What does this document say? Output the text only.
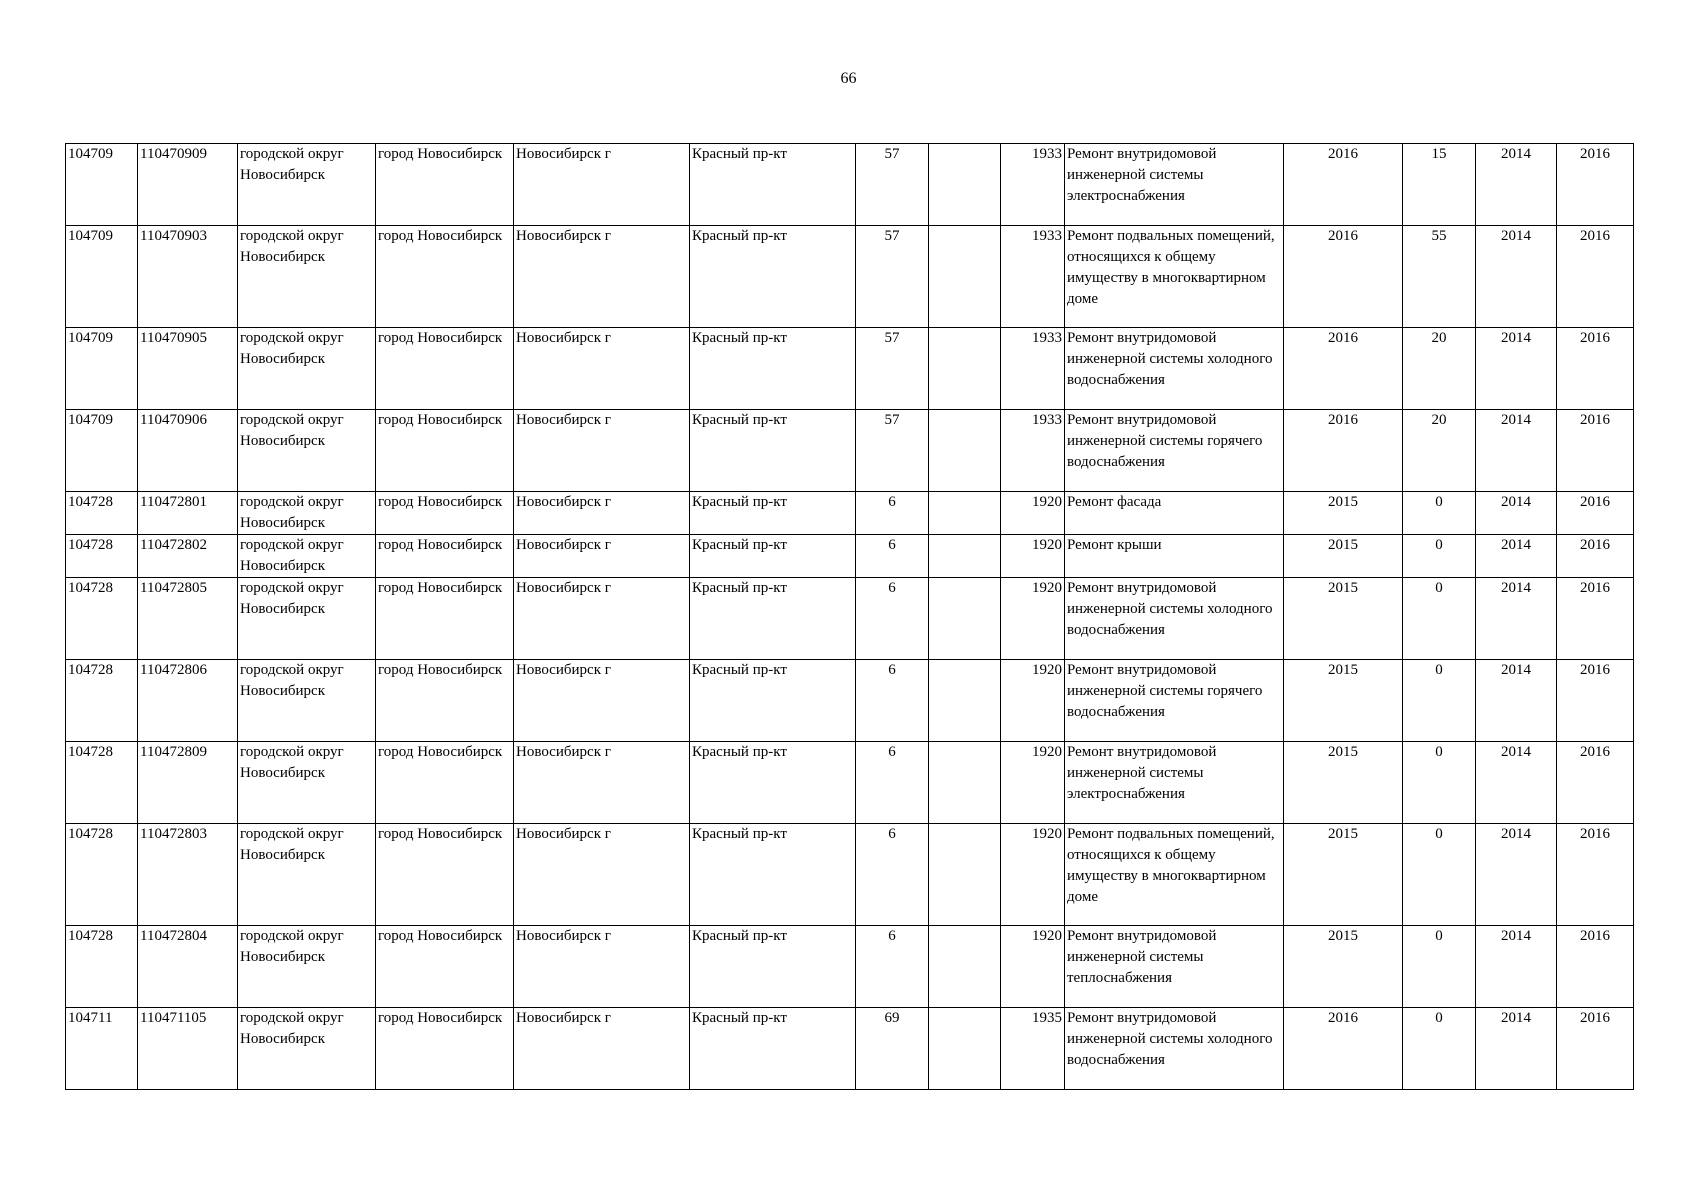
66
104709	110470909	городской округ Новосибирск	город Новосибирск	Новосибирск г	Красный пр-кт	57		1933	Ремонт внутридомовой инженерной системы электроснабжения	2016	15	2014	2016
104709	110470903	городской округ Новосибирск	город Новосибирск	Новосибирск г	Красный пр-кт	57		1933	Ремонт подвальных помещений, относящихся к общему имуществу в многоквартирном доме	2016	55	2014	2016
104709	110470905	городской округ Новосибирск	город Новосибирск	Новосибирск г	Красный пр-кт	57		1933	Ремонт внутридомовой инженерной системы холодного водоснабжения	2016	20	2014	2016
104709	110470906	городской округ Новосибирск	город Новосибирск	Новосибирск г	Красный пр-кт	57		1933	Ремонт внутридомовой инженерной системы горячего водоснабжения	2016	20	2014	2016
104728	110472801	городской округ Новосибирск	город Новосибирск	Новосибирск г	Красный пр-кт	6		1920	Ремонт фасада	2015	0	2014	2016
104728	110472802	городской округ Новосибирск	город Новосибирск	Новосибирск г	Красный пр-кт	6		1920	Ремонт крыши	2015	0	2014	2016
104728	110472805	городской округ Новосибирск	город Новосибирск	Новосибирск г	Красный пр-кт	6		1920	Ремонт внутридомовой инженерной системы холодного водоснабжения	2015	0	2014	2016
104728	110472806	городской округ Новосибирск	город Новосибирск	Новосибирск г	Красный пр-кт	6		1920	Ремонт внутридомовой инженерной системы горячего водоснабжения	2015	0	2014	2016
104728	110472809	городской округ Новосибирск	город Новосибирск	Новосибирск г	Красный пр-кт	6		1920	Ремонт внутридомовой инженерной системы электроснабжения	2015	0	2014	2016
104728	110472803	городской округ Новосибирск	город Новосибирск	Новосибирск г	Красный пр-кт	6		1920	Ремонт подвальных помещений, относящихся к общему имуществу в многоквартирном доме	2015	0	2014	2016
104728	110472804	городской округ Новосибирск	город Новосибирск	Новосибирск г	Красный пр-кт	6		1920	Ремонт внутридомовой инженерной системы теплоснабжения	2015	0	2014	2016
104711	110471105	городской округ Новосибирск	город Новосибирск	Новосибирск г	Красный пр-кт	69		1935	Ремонт внутридомовой инженерной системы холодного водоснабжения	2016	0	2014	2016
